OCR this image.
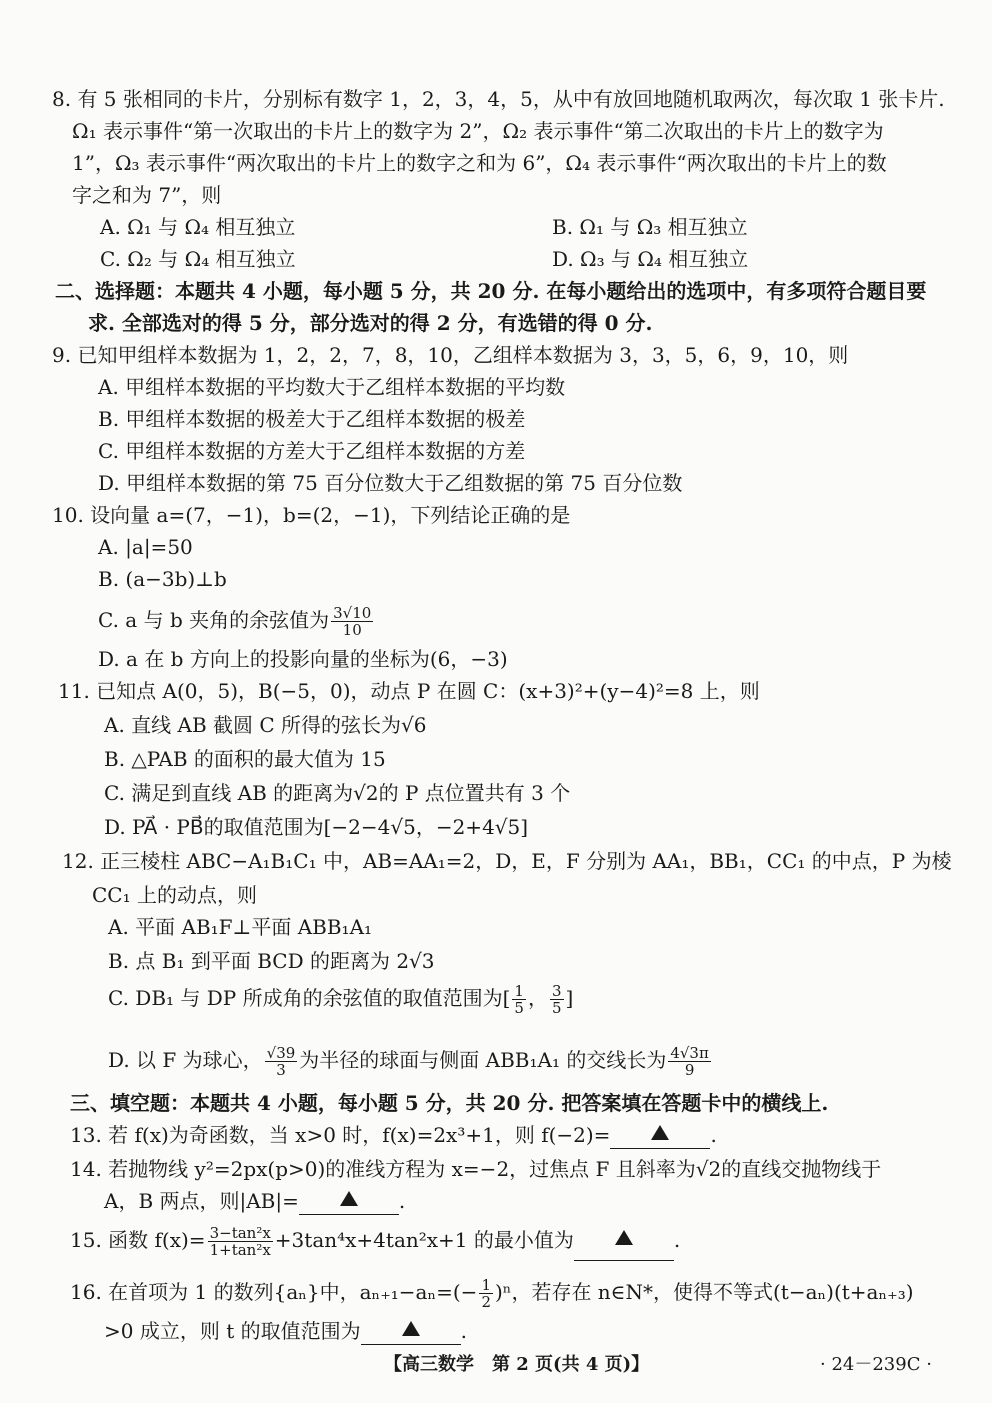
8. 有 5 张相同的卡片，分别标有数字 1，2，3，4，5，从中有放回地随机取两次，每次取 1 张卡片.
Ω₁ 表示事件“第一次取出的卡片上的数字为 2”，Ω₂ 表示事件“第二次取出的卡片上的数字为
1”，Ω₃ 表示事件“两次取出的卡片上的数字之和为 6”，Ω₄ 表示事件“两次取出的卡片上的数
字之和为 7”，则
A. Ω₁ 与 Ω₄ 相互独立	B. Ω₁ 与 Ω₃ 相互独立
C. Ω₂ 与 Ω₄ 相互独立	D. Ω₃ 与 Ω₄ 相互独立
二、选择题：本题共 4 小题，每小题 5 分，共 20 分. 在每小题给出的选项中，有多项符合题目要
求. 全部选对的得 5 分，部分选对的得 2 分，有选错的得 0 分.
9. 已知甲组样本数据为 1，2，2，7，8，10，乙组样本数据为 3，3，5，6，9，10，则
A. 甲组样本数据的平均数大于乙组样本数据的平均数
B. 甲组样本数据的极差大于乙组样本数据的极差
C. 甲组样本数据的方差大于乙组样本数据的方差
D. 甲组样本数据的第 75 百分位数大于乙组数据的第 75 百分位数
10. 设向量 a=(7，−1)，b=(2，−1)，下列结论正确的是
A. |a|=50
B. (a−3b)⊥b
C. a 与 b 夹角的余弦值为 $\frac{3√10}{10}$
D. a 在 b 方向上的投影向量的坐标为(6，−3)
11. 已知点 A(0，5)，B(−5，0)，动点 P 在圆 C：(x+3)²+(y−4)²=8 上，则
A. 直线 AB 截圆 C 所得的弦长为√6
B. △PAB 的面积的最大值为 15
C. 满足到直线 AB 的距离为√2的 P 点位置共有 3 个
D. PA⃗ · PB⃗的取值范围为[−2−4√5，−2+4√5]
12. 正三棱柱 ABC−A₁B₁C₁ 中，AB=AA₁=2，D，E，F 分别为 AA₁，BB₁，CC₁ 的中点，P 为棱
CC₁ 上的动点，则
A. 平面 AB₁F⊥平面 ABB₁A₁
B. 点 B₁ 到平面 BCD 的距离为 2√3
C. DB₁ 与 DP 所成角的余弦值的取值范围为[ $\frac{1}{5}$ ， $\frac{3}{5}$ ]
D. 以 F 为球心， $\frac{√39}{3}$ 为半径的球面与侧面 ABB₁A₁ 的交线长为 $\frac{4√3\pi}{9}$
三、填空题：本题共 4 小题，每小题 5 分，共 20 分. 把答案填在答题卡中的横线上.
13. 若 f(x)为奇函数，当 x>0 时，f(x)=2x³+1，则 f(−2)=	.
14. 若抛物线 y²=2px(p>0)的准线方程为 x=−2，过焦点 F 且斜率为√2的直线交抛物线于
A，B 两点，则|AB|=	.
15. 函数 $f(x)= \frac{\text{3−tan²x}}{\text{1+tan²x}} +3\tan^4x+4\tan^2x+1$ 的最小值为	.
16. 在首项为 1 的数列{aₙ}中，$a_{n+1}-a_n=(- \frac{1}{2} )^n$，若存在 n∈N*，使得不等式(t−aₙ)(t+aₙ₊₃)
>0 成立，则 t 的取值范围为	.
【高三数学　第 2 页(共 4 页)】	· 24－239C ·
